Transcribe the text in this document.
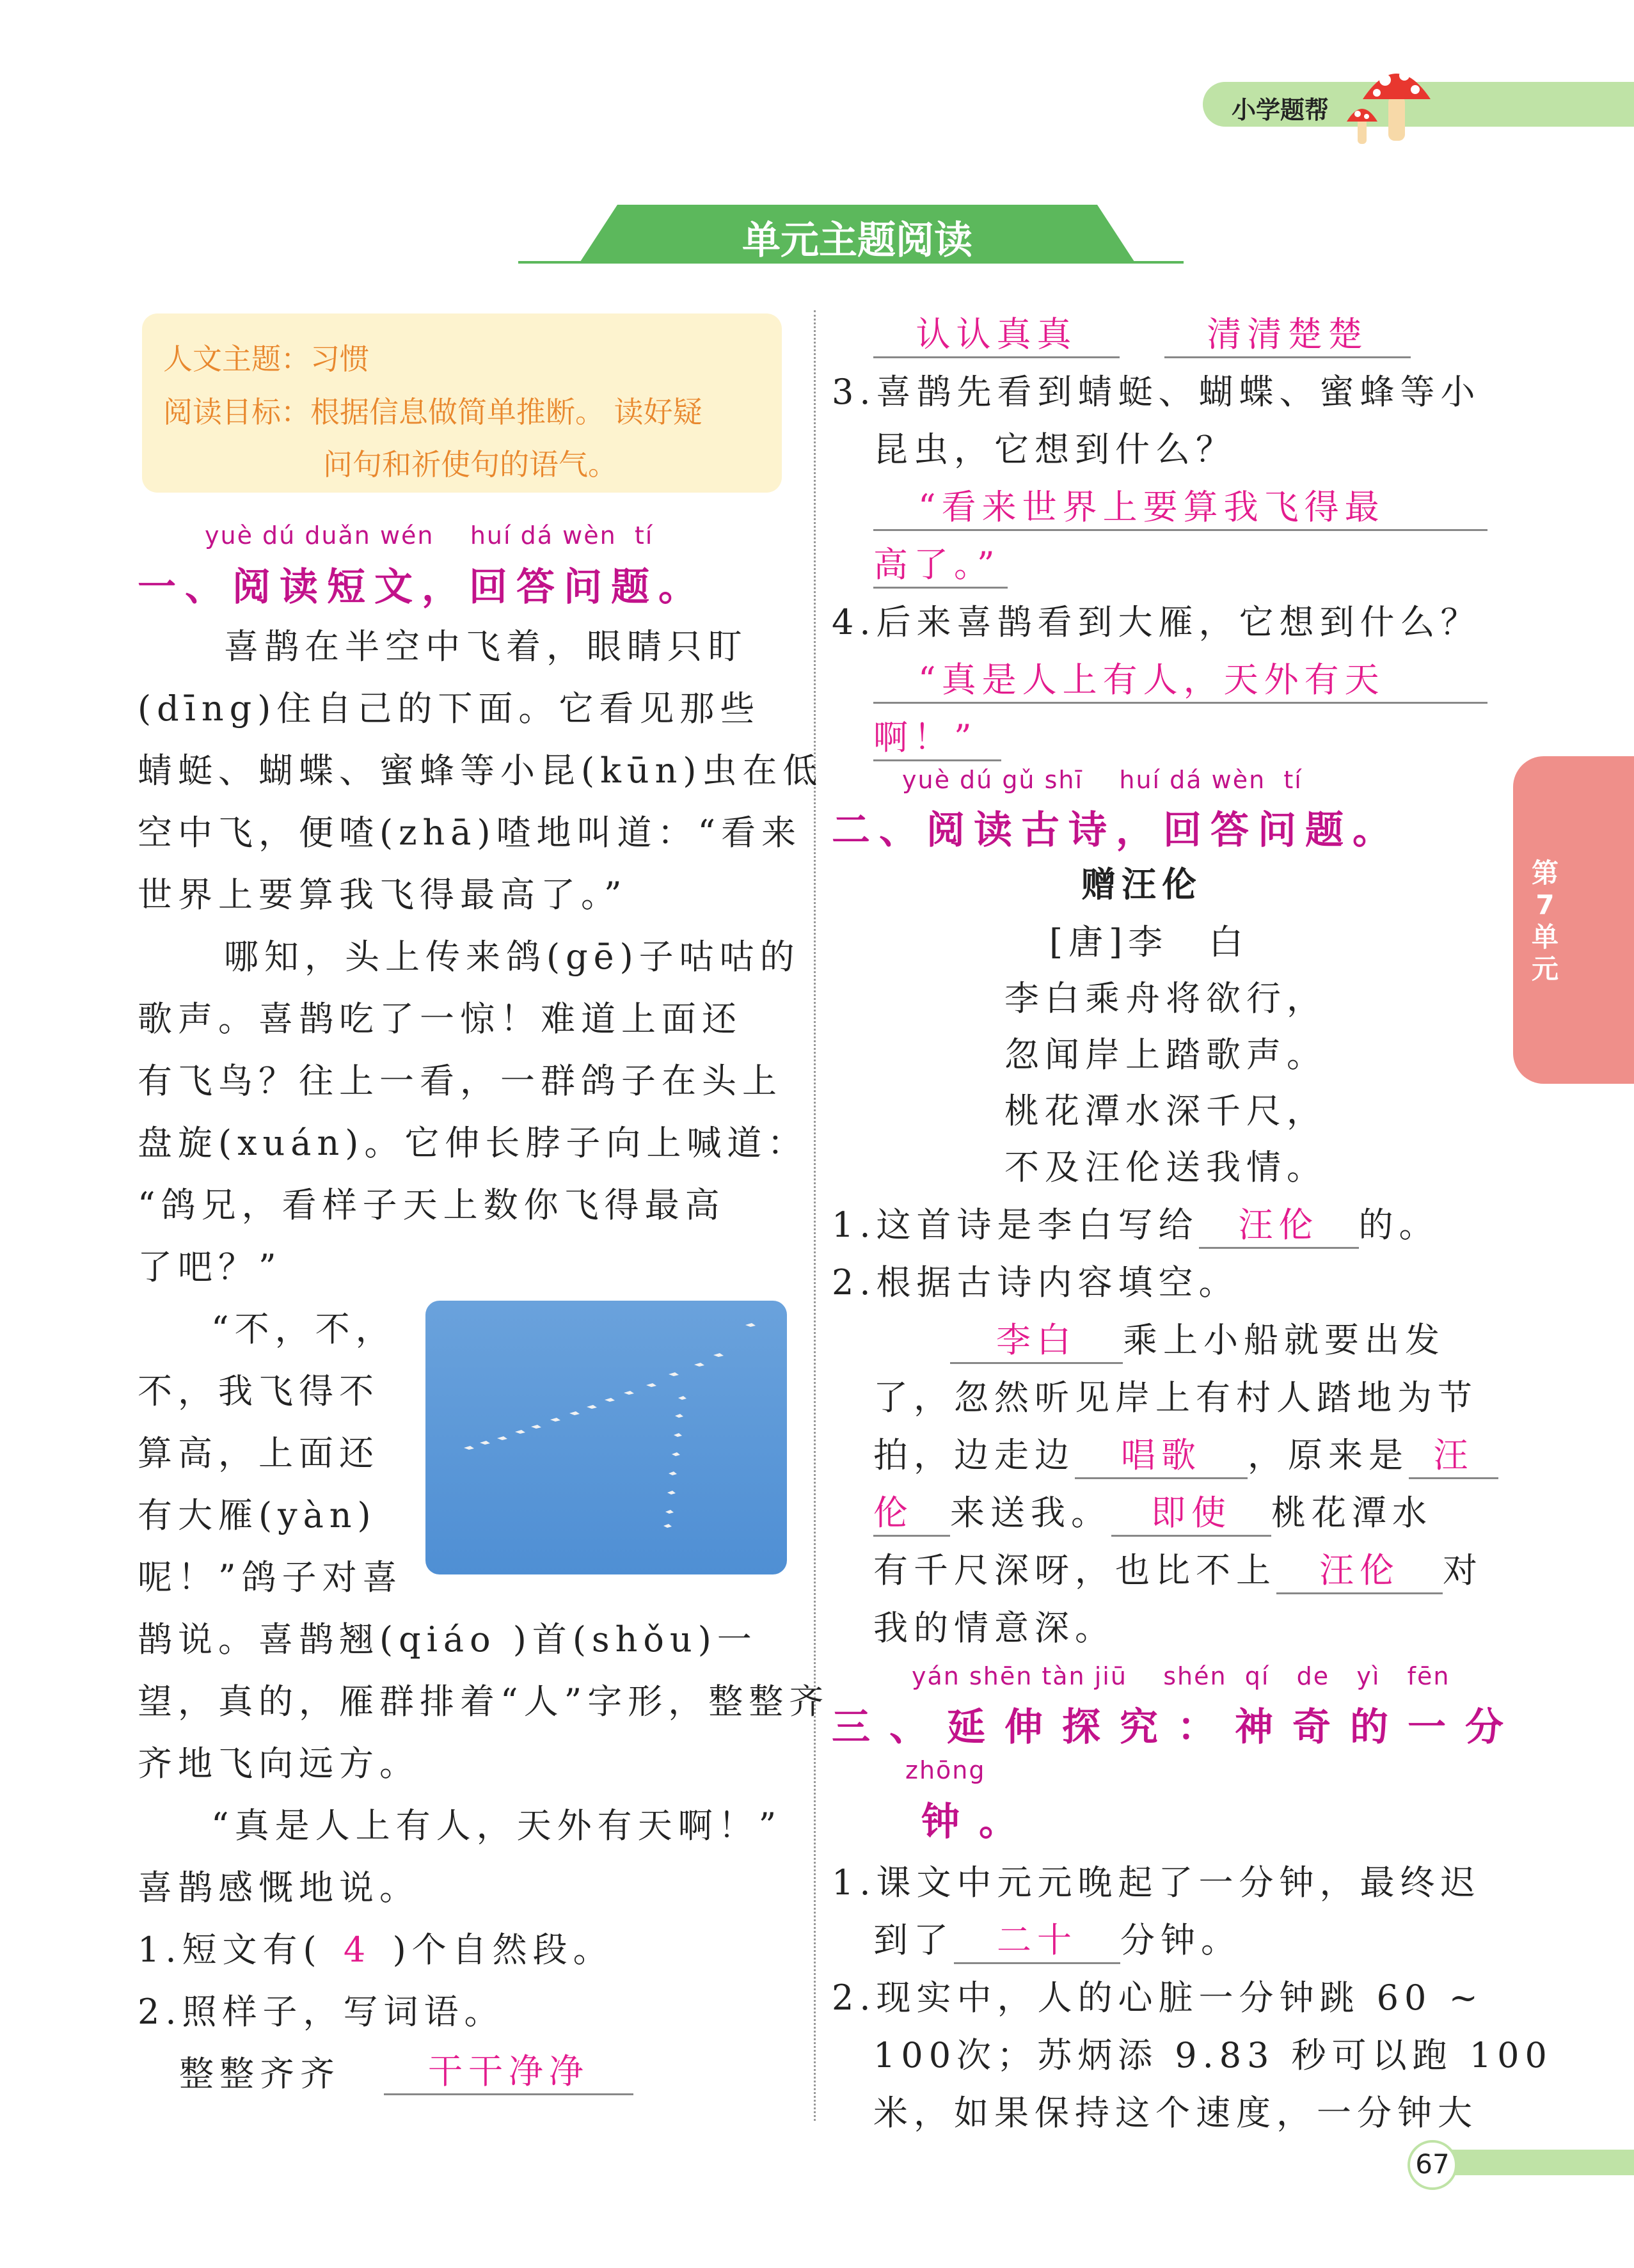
小学题帮
单元主题阅读
人文主题：习惯
阅读目标：根据信息做简单推断。 读好疑
问句和祈使句的语气。
yuè dú duǎn wén    huí dá wèn  tí
一、阅读短文，回答问题。
喜鹊在半空中飞着，眼睛只盯
(dīng)住自己的下面。它看见那些
蜻蜓、蝴蝶、蜜蜂等小昆(kūn)虫在低
空中飞，便喳(zhā)喳地叫道：“看来
世界上要算我飞得最高了。”
哪知，头上传来鸽(gē)子咕咕的
歌声。喜鹊吃了一惊！难道上面还
有飞鸟？往上一看，一群鸽子在头上
盘旋(xuán)。它伸长脖子向上喊道：
“鸽兄，看样子天上数你飞得最高
了吧？”
“不，不，
不，我飞得不
算高，上面还
有大雁(yàn)
呢！”鸽子对喜
鹊说。喜鹊翘(qiáo )首(shǒu)一
望，真的，雁群排着“人”字形，整整齐
齐地飞向远方。
“真是人上有人，天外有天啊！”
喜鹊感慨地说。
1.短文有( 4 )个自然段。
2.照样子，写词语。
整整齐齐	干干净净
认认真真	清清楚楚
3.喜鹊先看到蜻蜓、蝴蝶、蜜蜂等小
昆虫，它想到什么？
“看来世界上要算我飞得最
高了。”
4.后来喜鹊看到大雁，它想到什么？
“真是人上有人，天外有天
啊！”
yuè dú gǔ shī    huí dá wèn  tí
二、阅读古诗，回答问题。
赠汪伦
[唐]李　白
李白乘舟将欲行，
忽闻岸上踏歌声。
桃花潭水深千尺，
不及汪伦送我情。
1.这首诗是李白写给 汪伦 的。
2.根据古诗内容填空。
李白 乘上小船就要出发
了，忽然听见岸上有村人踏地为节
拍，边走边 唱歌 ，原来是 汪
伦 来送我。 即使 桃花潭水
有千尺深呀，也比不上 汪伦 对
我的情意深。
yán shēn tàn jiū    shén  qí   de   yì   fēn
三、延伸探究：神奇的一分
zhōng
钟。
1.课文中元元晚起了一分钟，最终迟
到了 二十 分钟。
2.现实中，人的心脏一分钟跳 60 ~
100次；苏炳添 9.83 秒可以跑 100
米，如果保持这个速度，一分钟大
第7单元
67
